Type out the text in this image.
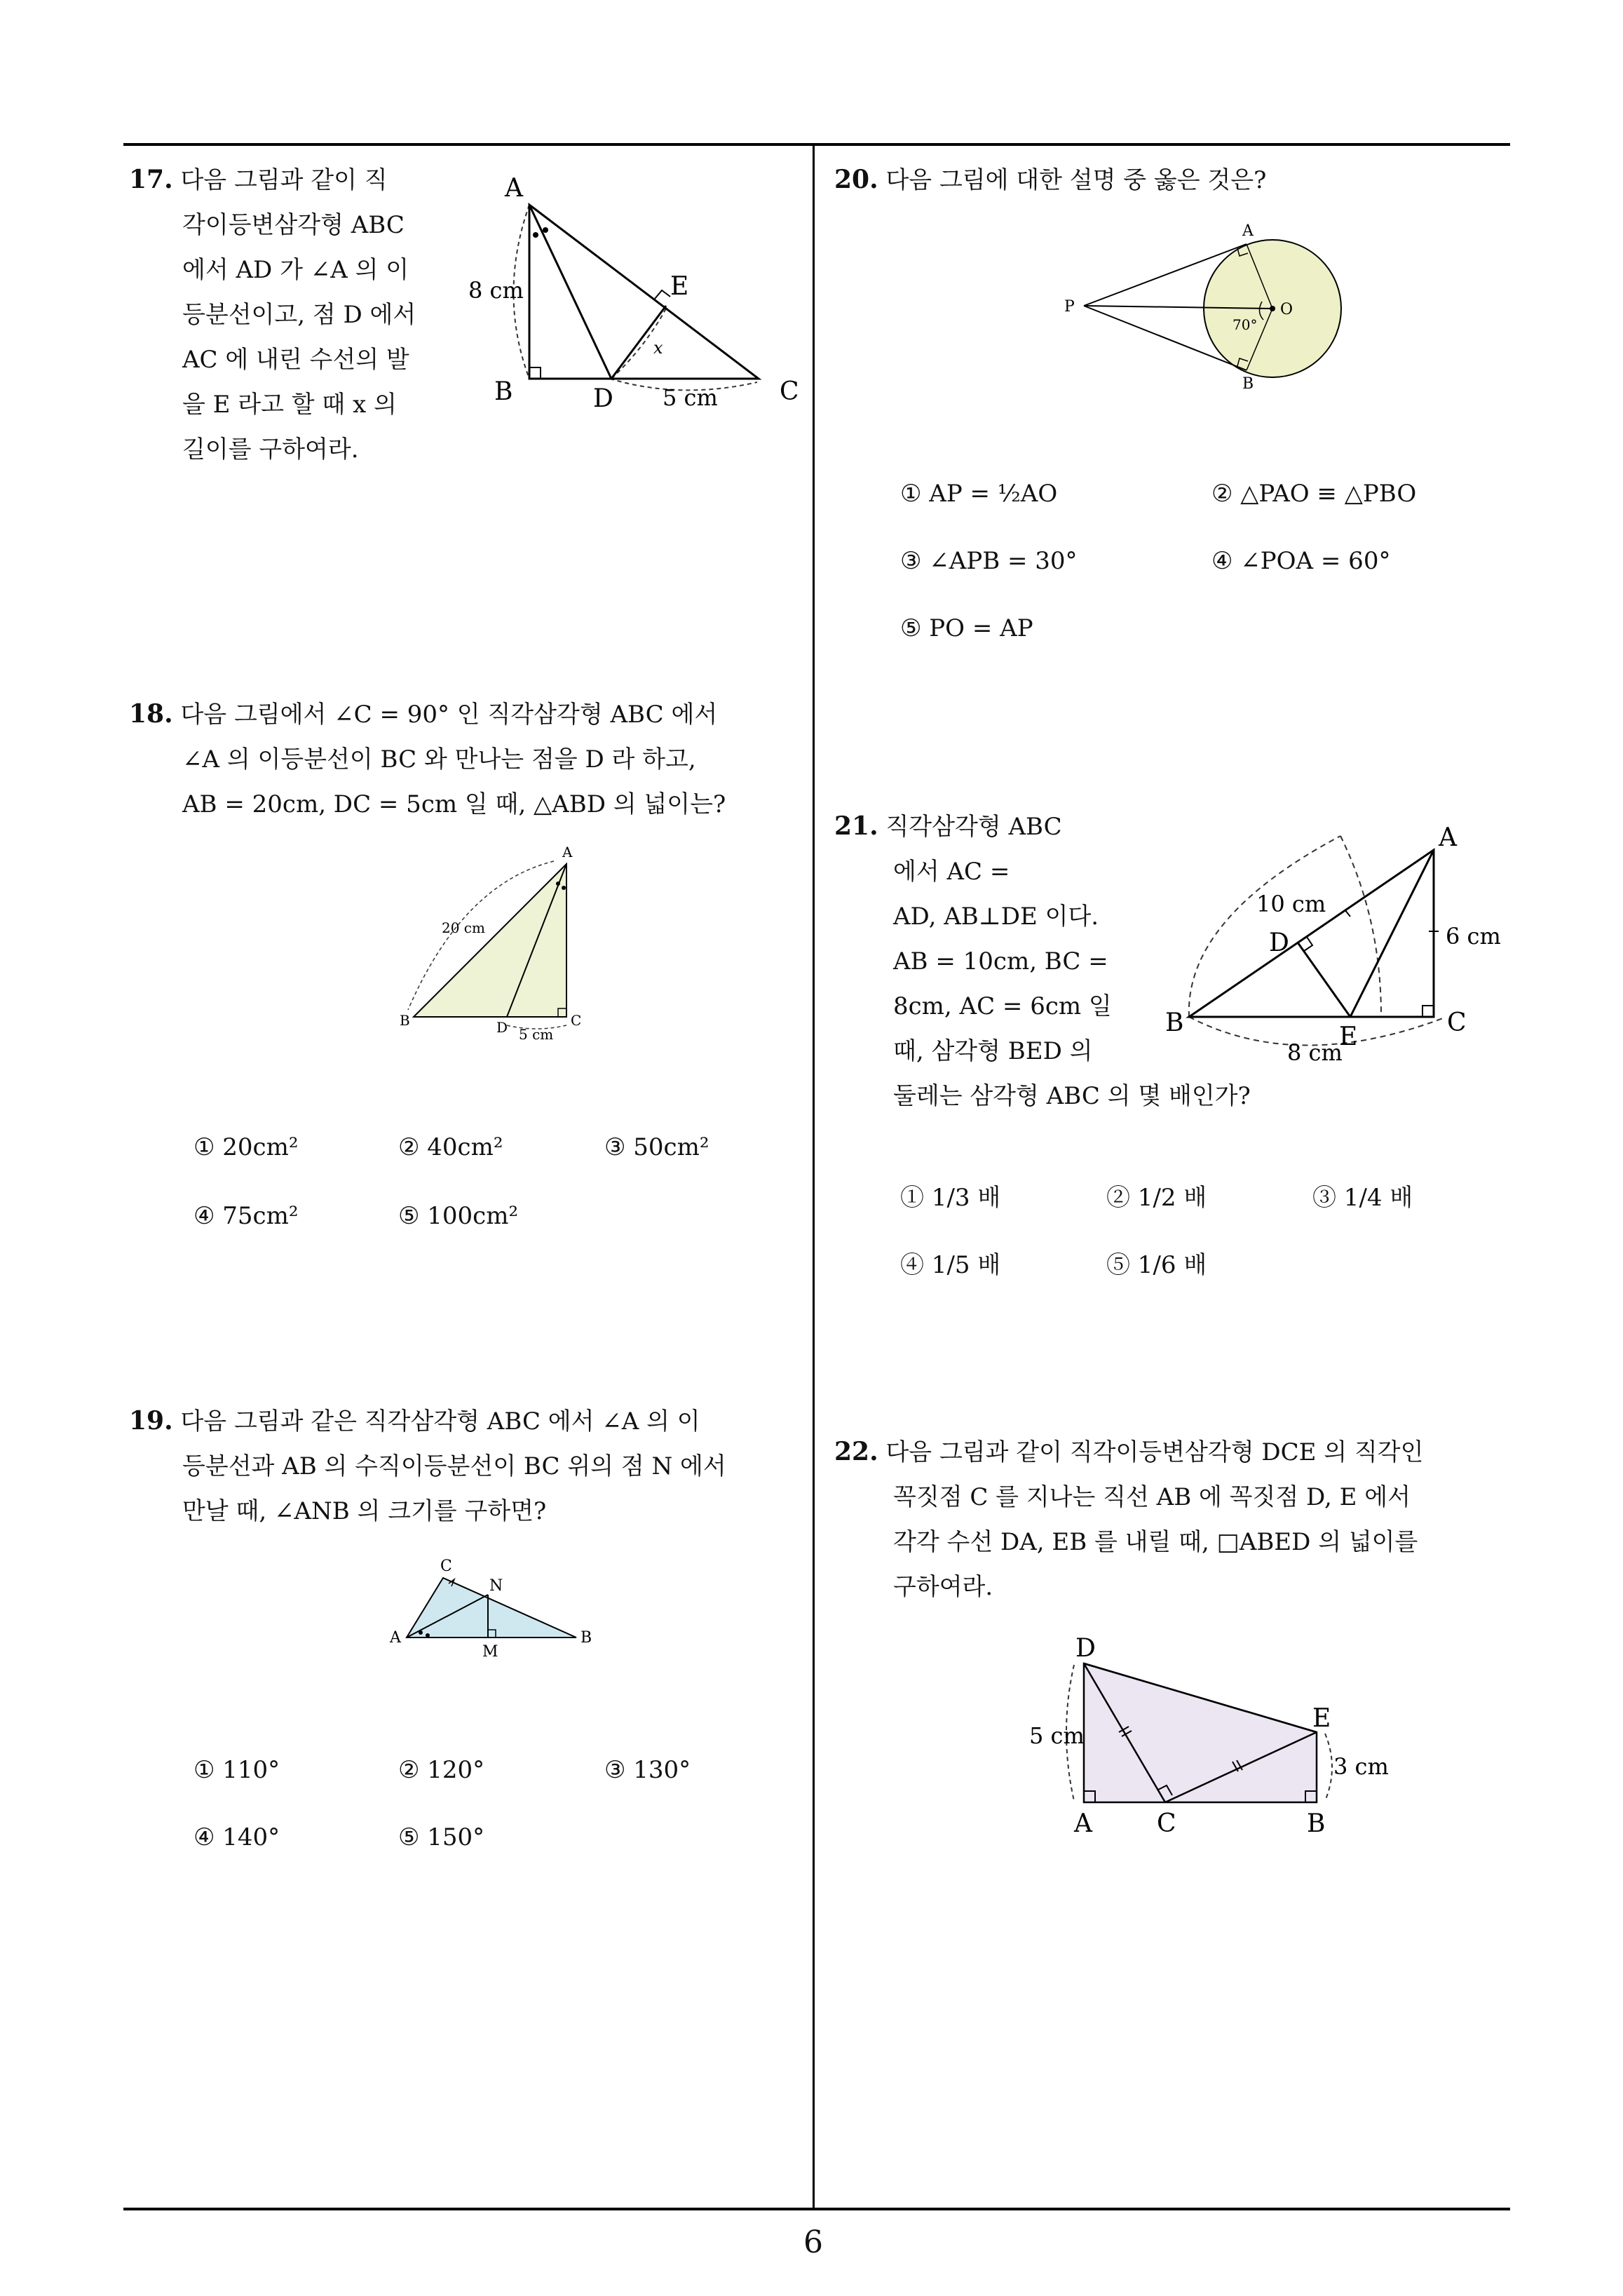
6
17. 다음 그림과 같이 직
각이등변삼각형 ABC
에서 AD 가 ∠A 의 이
등분선이고, 점 D 에서
AC 에 내린 수선의 발
을 E 라고 할 때 x 의
길이를 구하여라.
A
B	C
D
E
x
8 cm
5 cm
18. 다음 그림에서 ∠C = 90° 인 직각삼각형 ABC 에서
∠A 의 이등분선이 BC 와 만나는 점을 D 라 하고,
AB = 20cm, DC = 5cm 일 때, △ABD 의 넓이는?
A
B	C
D
20 cm
5 cm
① 20cm²	② 40cm²	③ 50cm²
④ 75cm²	⑤ 100cm²
19. 다음 그림과 같은 직각삼각형 ABC 에서 ∠A 의 이
등분선과 AB 의 수직이등분선이 BC 위의 점 N 에서
만날 때, ∠ANB 의 크기를 구하면?
C
A	B
N
M
① 110°	② 120°	③ 130°
④ 140°	⑤ 150°
20. 다음 그림에 대한 설명 중 옳은 것은?
A
B
P	O
70°
① AP = ½AO	② △PAO ≡ △PBO
③ ∠APB = 30°	④ ∠POA = 60°
⑤ PO = AP
21. 직각삼각형 ABC
에서 AC =
AD, AB⊥DE 이다.
AB = 10cm, BC =
8cm, AC = 6cm 일
때, 삼각형 BED 의
둘레는 삼각형 ABC 의 몇 배인가?
A
B	C
D
E
10 cm
6 cm
8 cm
① 1/3 배	② 1/2 배	③ 1/4 배
④ 1/5 배	⑤ 1/6 배
22. 다음 그림과 같이 직각이등변삼각형 DCE 의 직각인
꼭짓점 C 를 지나는 직선 AB 에 꼭짓점 D, E 에서
각각 수선 DA, EB 를 내릴 때, □ABED 의 넓이를
구하여라.
D
E
A	C	B
5 cm
3 cm
